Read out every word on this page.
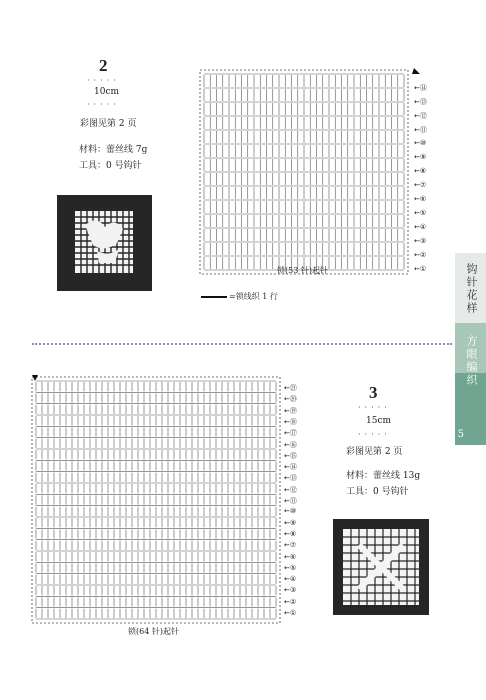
2
·····
10cm
·····
彩图见第 2 页
材料：蕾丝线 7g
工具：0 号钩针
锁(53 针)起针
←⑭
←⑬
←⑫
←⑪
←⑩
←⑨
←⑧
←⑦
←⑥
←⑤
←④
←③
←②
←①
=锁线织 1 行	钩针花样
方眼编织
5
锁(64 针)起针
←㉑
←⑳
←⑲
←⑱
←⑰
←⑯
←⑮
←⑭
←⑬
←⑫
←⑪
←⑩
←⑨
←⑧
←⑦
←⑥
←⑤
←④
←③
←②
←①
3
·····
15cm
·····
彩图见第 2 页
材料：蕾丝线 13g
工具：0 号钩针
